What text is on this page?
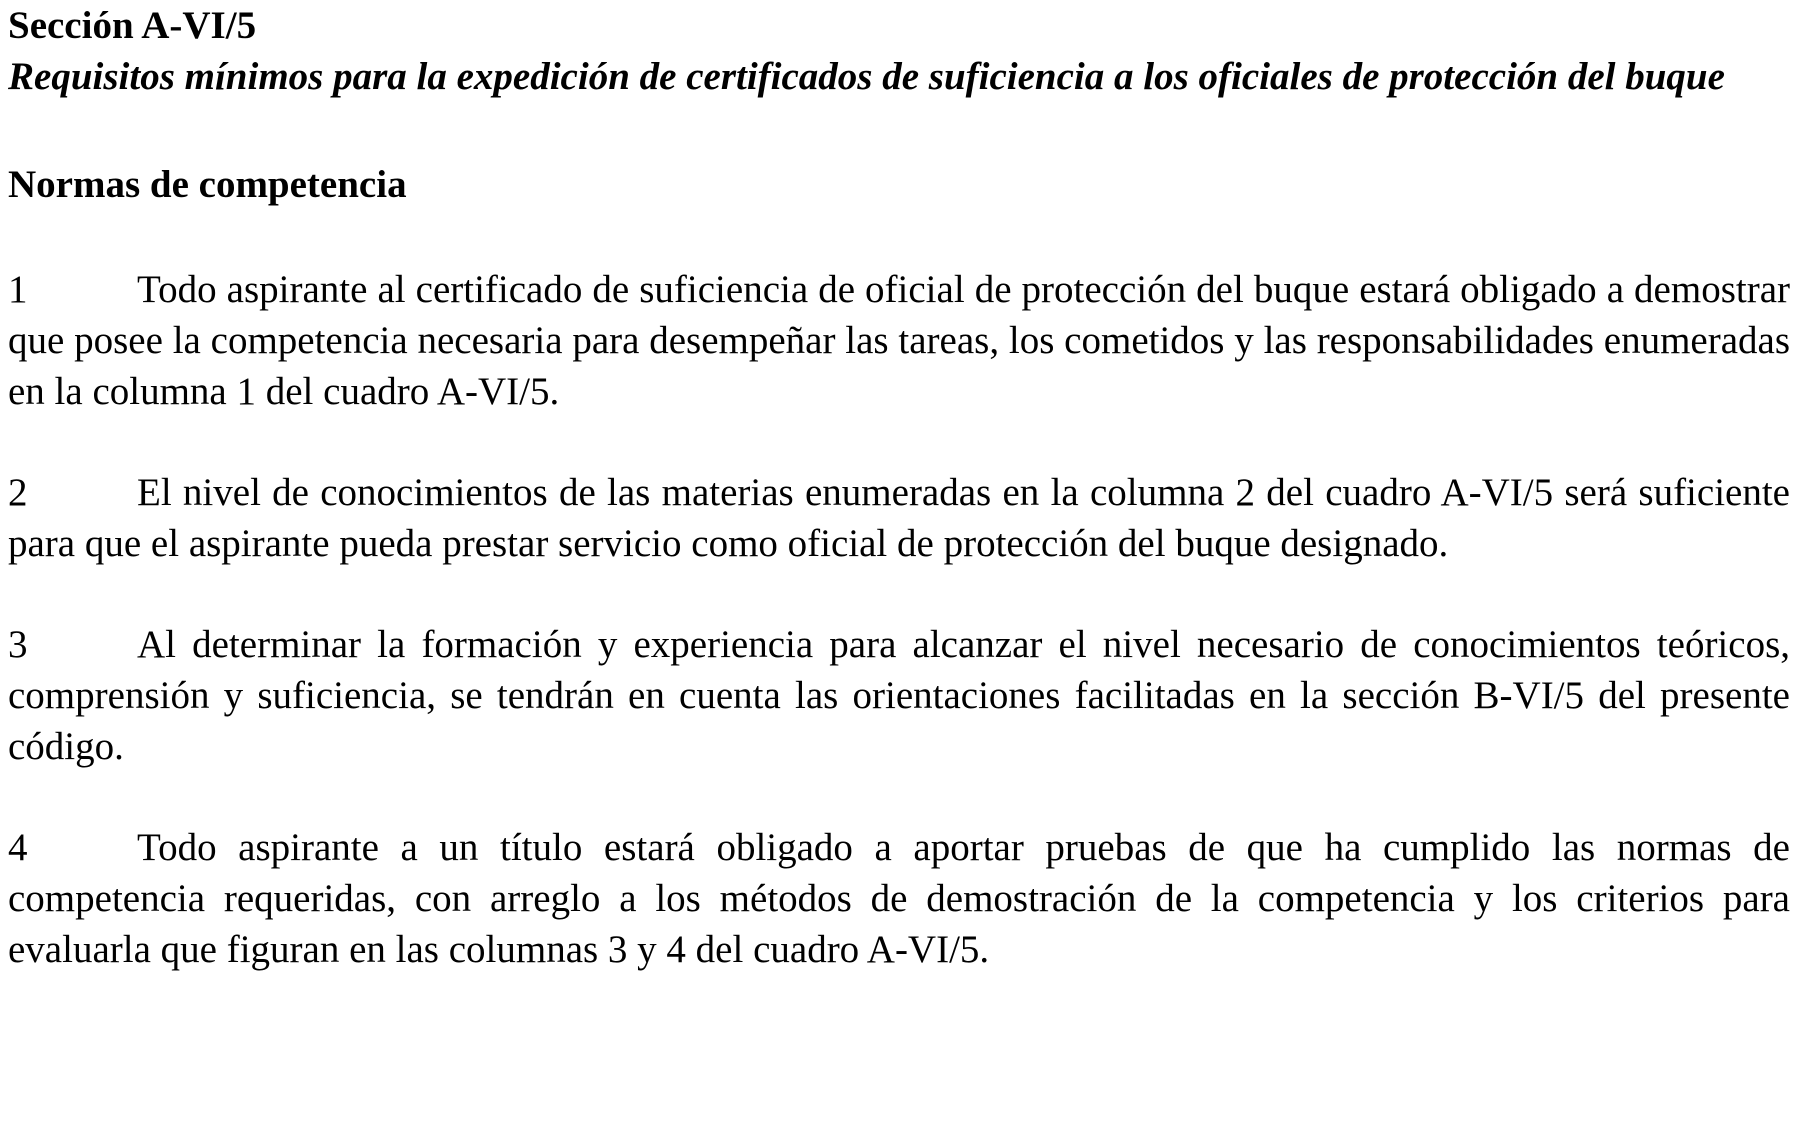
Sección A-VI/5

Requisitos mínimos para la expedición de certificados de suficiencia a los oficiales de protección del buque

Normas de competencia

1	Todo aspirante al certificado de suficiencia de oficial de protección del buque estará obligado a demostrar que posee la competencia necesaria para desempeñar las tareas, los cometidos y las responsabilidades enumeradas en la columna 1 del cuadro A-VI/5.

2	El nivel de conocimientos de las materias enumeradas en la columna 2 del cuadro A-VI/5 será suficiente para que el aspirante pueda prestar servicio como oficial de protección del buque designado.

3	Al determinar la formación y experiencia para alcanzar el nivel necesario de conocimientos teóricos, comprensión y suficiencia, se tendrán en cuenta las orientaciones facilitadas en la sección B-VI/5 del presente código.

4	Todo aspirante a un título estará obligado a aportar pruebas de que ha cumplido las normas de competencia requeridas, con arreglo a los métodos de demostración de la competencia y los criterios para evaluarla que figuran en las columnas 3 y 4 del cuadro A-VI/5.
